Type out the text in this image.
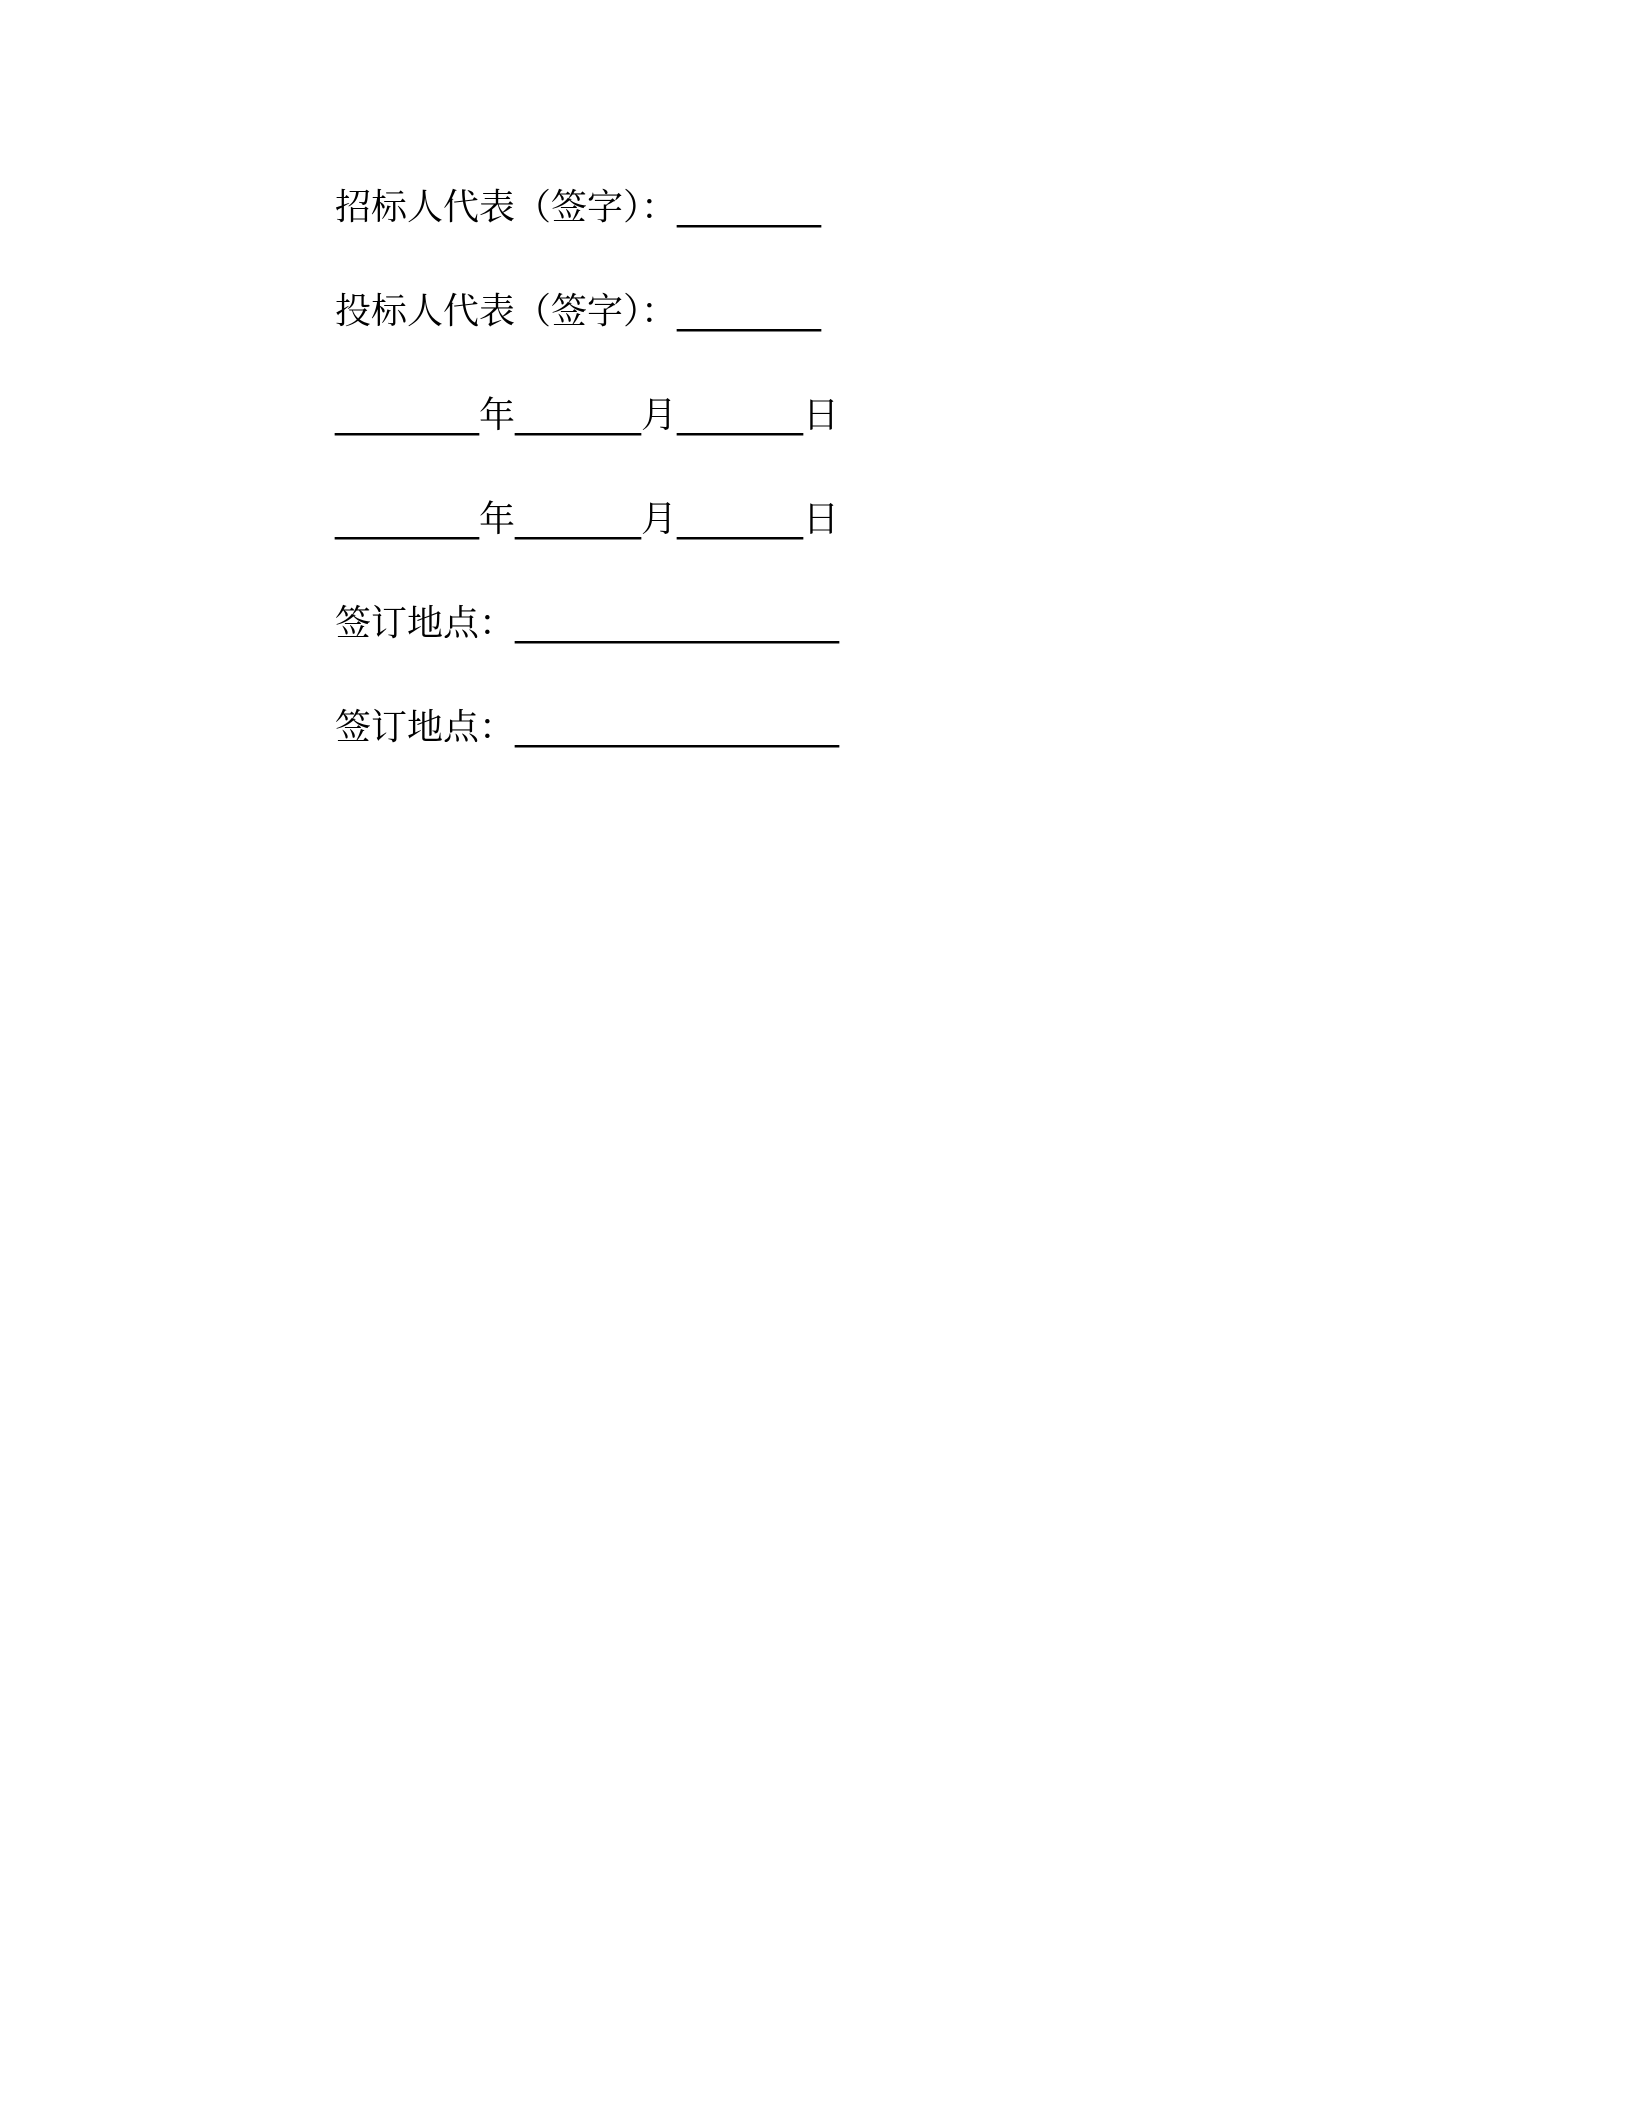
招标人代表（签字）：________
投标人代表（签字）：________
________年_______月_______日
________年_______月_______日
签订地点：__________________
签订地点：__________________
